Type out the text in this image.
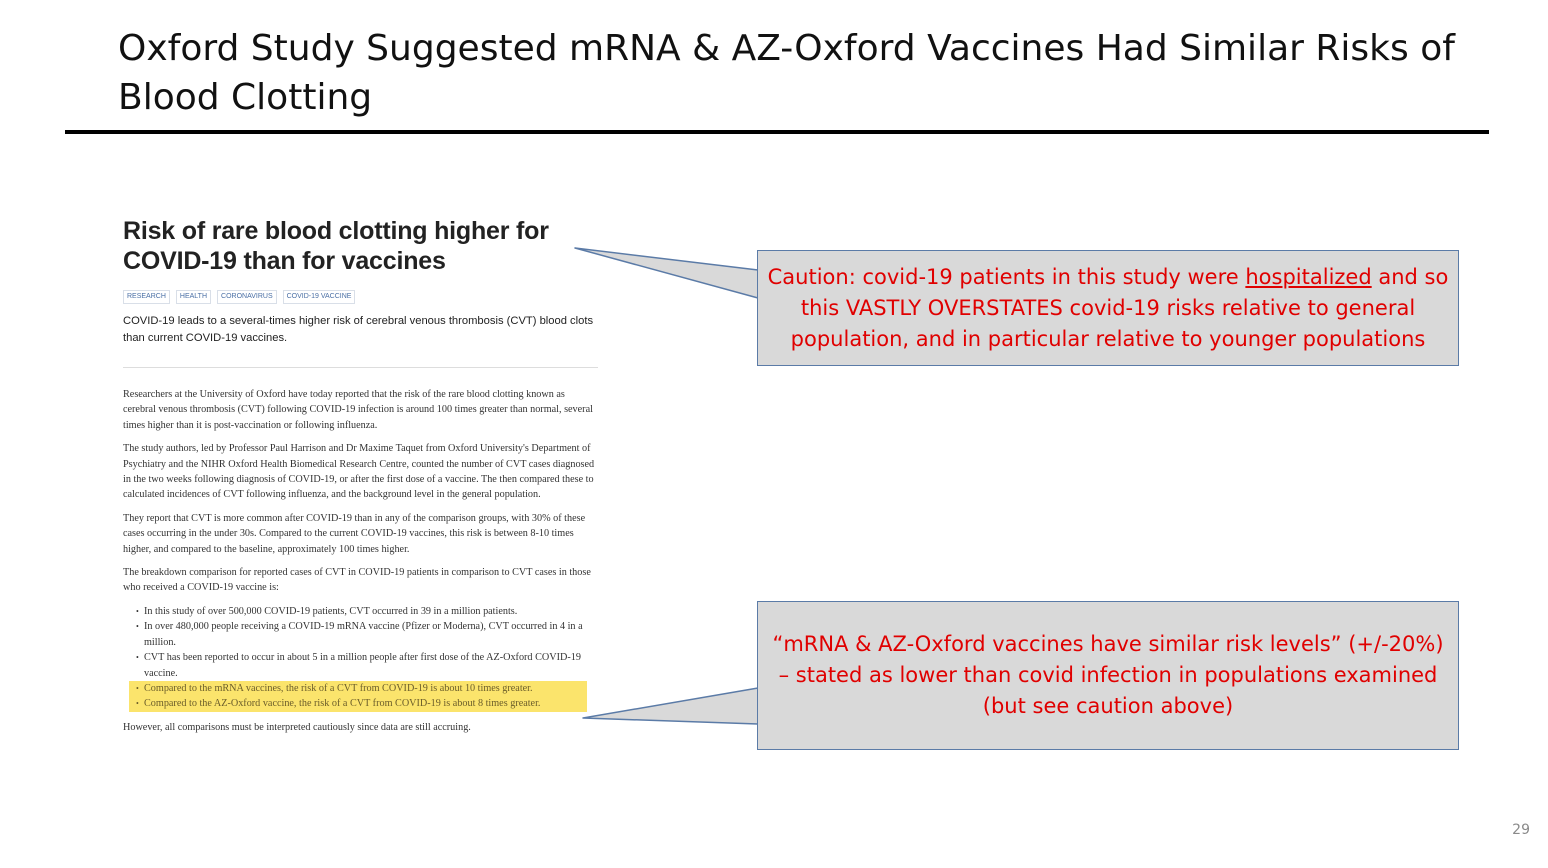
Oxford Study Suggested mRNA & AZ-Oxford Vaccines Had Similar Risks of Blood Clotting
Risk of rare blood clotting higher for COVID-19 than for vaccines
RESEARCH	HEALTH	CORONAVIRUS	COVID-19 VACCINE

COVID-19 leads to a several-times higher risk of cerebral venous thrombosis (CVT) blood clots than current COVID-19 vaccines.

Researchers at the University of Oxford have today reported that the risk of the rare blood clotting known as cerebral venous thrombosis (CVT) following COVID-19 infection is around 100 times greater than normal, several times higher than it is post-vaccination or following influenza.

The study authors, led by Professor Paul Harrison and Dr Maxime Taquet from Oxford University's Department of Psychiatry and the NIHR Oxford Health Biomedical Research Centre, counted the number of CVT cases diagnosed in the two weeks following diagnosis of COVID-19, or after the first dose of a vaccine. The then compared these to calculated incidences of CVT following influenza, and the background level in the general population.

They report that CVT is more common after COVID-19 than in any of the comparison groups, with 30% of these cases occurring in the under 30s. Compared to the current COVID-19 vaccines, this risk is between 8-10 times higher, and compared to the baseline, approximately 100 times higher.

The breakdown comparison for reported cases of CVT in COVID-19 patients in comparison to CVT cases in those who received a COVID-19 vaccine is:

• In this study of over 500,000 COVID-19 patients, CVT occurred in 39 in a million patients.
• In over 480,000 people receiving a COVID-19 mRNA vaccine (Pfizer or Moderna), CVT occurred in 4 in a million.
• CVT has been reported to occur in about 5 in a million people after first dose of the AZ-Oxford COVID-19 vaccine.
• Compared to the mRNA vaccines, the risk of a CVT from COVID-19 is about 10 times greater.
• Compared to the AZ-Oxford vaccine, the risk of a CVT from COVID-19 is about 8 times greater.

However, all comparisons must be interpreted cautiously since data are still accruing.

Caution: covid-19 patients in this study were hospitalized and so this VASTLY OVERSTATES covid-19 risks relative to general population, and in particular relative to younger populations
“mRNA & AZ-Oxford vaccines have similar risk levels” (+/-20%) – stated as lower than covid infection in populations examined (but see caution above)
29
